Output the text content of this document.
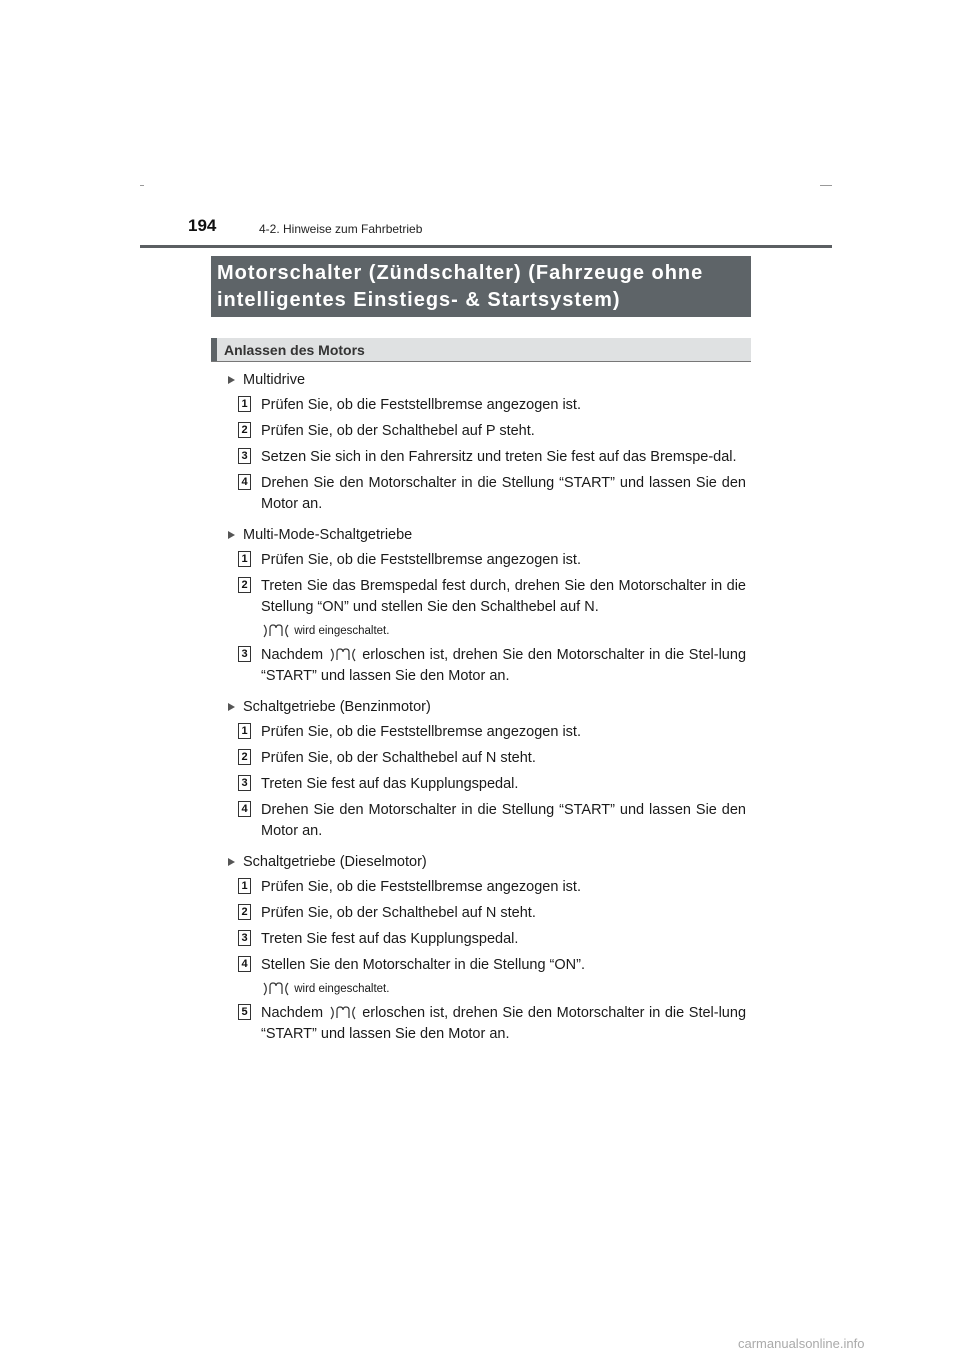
194	4-2. Hinweise zum Fahrbetrieb
Motorschalter (Zündschalter) (Fahrzeuge ohne
intelligentes Einstiegs- & Startsystem)
Anlassen des Motors
Multidrive
1 Prüfen Sie, ob die Feststellbremse angezogen ist.
2 Prüfen Sie, ob der Schalthebel auf P steht.
3 Setzen Sie sich in den Fahrersitz und treten Sie fest auf das Bremspe-dal.
4 Drehen Sie den Motorschalter in die Stellung “START” und lassen Sie den Motor an.
Multi-Mode-Schaltgetriebe
1 Prüfen Sie, ob die Feststellbremse angezogen ist.
2 Treten Sie das Bremspedal fest durch, drehen Sie den Motorschalter in die Stellung “ON” und stellen Sie den Schalthebel auf N.
wird eingeschaltet.
3 Nachdem	erloschen ist, drehen Sie den Motorschalter in die Stel-lung “START” und lassen Sie den Motor an.
Schaltgetriebe (Benzinmotor)
1 Prüfen Sie, ob die Feststellbremse angezogen ist.
2 Prüfen Sie, ob der Schalthebel auf N steht.
3 Treten Sie fest auf das Kupplungspedal.
4 Drehen Sie den Motorschalter in die Stellung “START” und lassen Sie den Motor an.
Schaltgetriebe (Dieselmotor)
1 Prüfen Sie, ob die Feststellbremse angezogen ist.
2 Prüfen Sie, ob der Schalthebel auf N steht.
3 Treten Sie fest auf das Kupplungspedal.
4 Stellen Sie den Motorschalter in die Stellung “ON”.
wird eingeschaltet.
5 Nachdem	erloschen ist, drehen Sie den Motorschalter in die Stel-lung “START” und lassen Sie den Motor an.
carmanualsonline.info
